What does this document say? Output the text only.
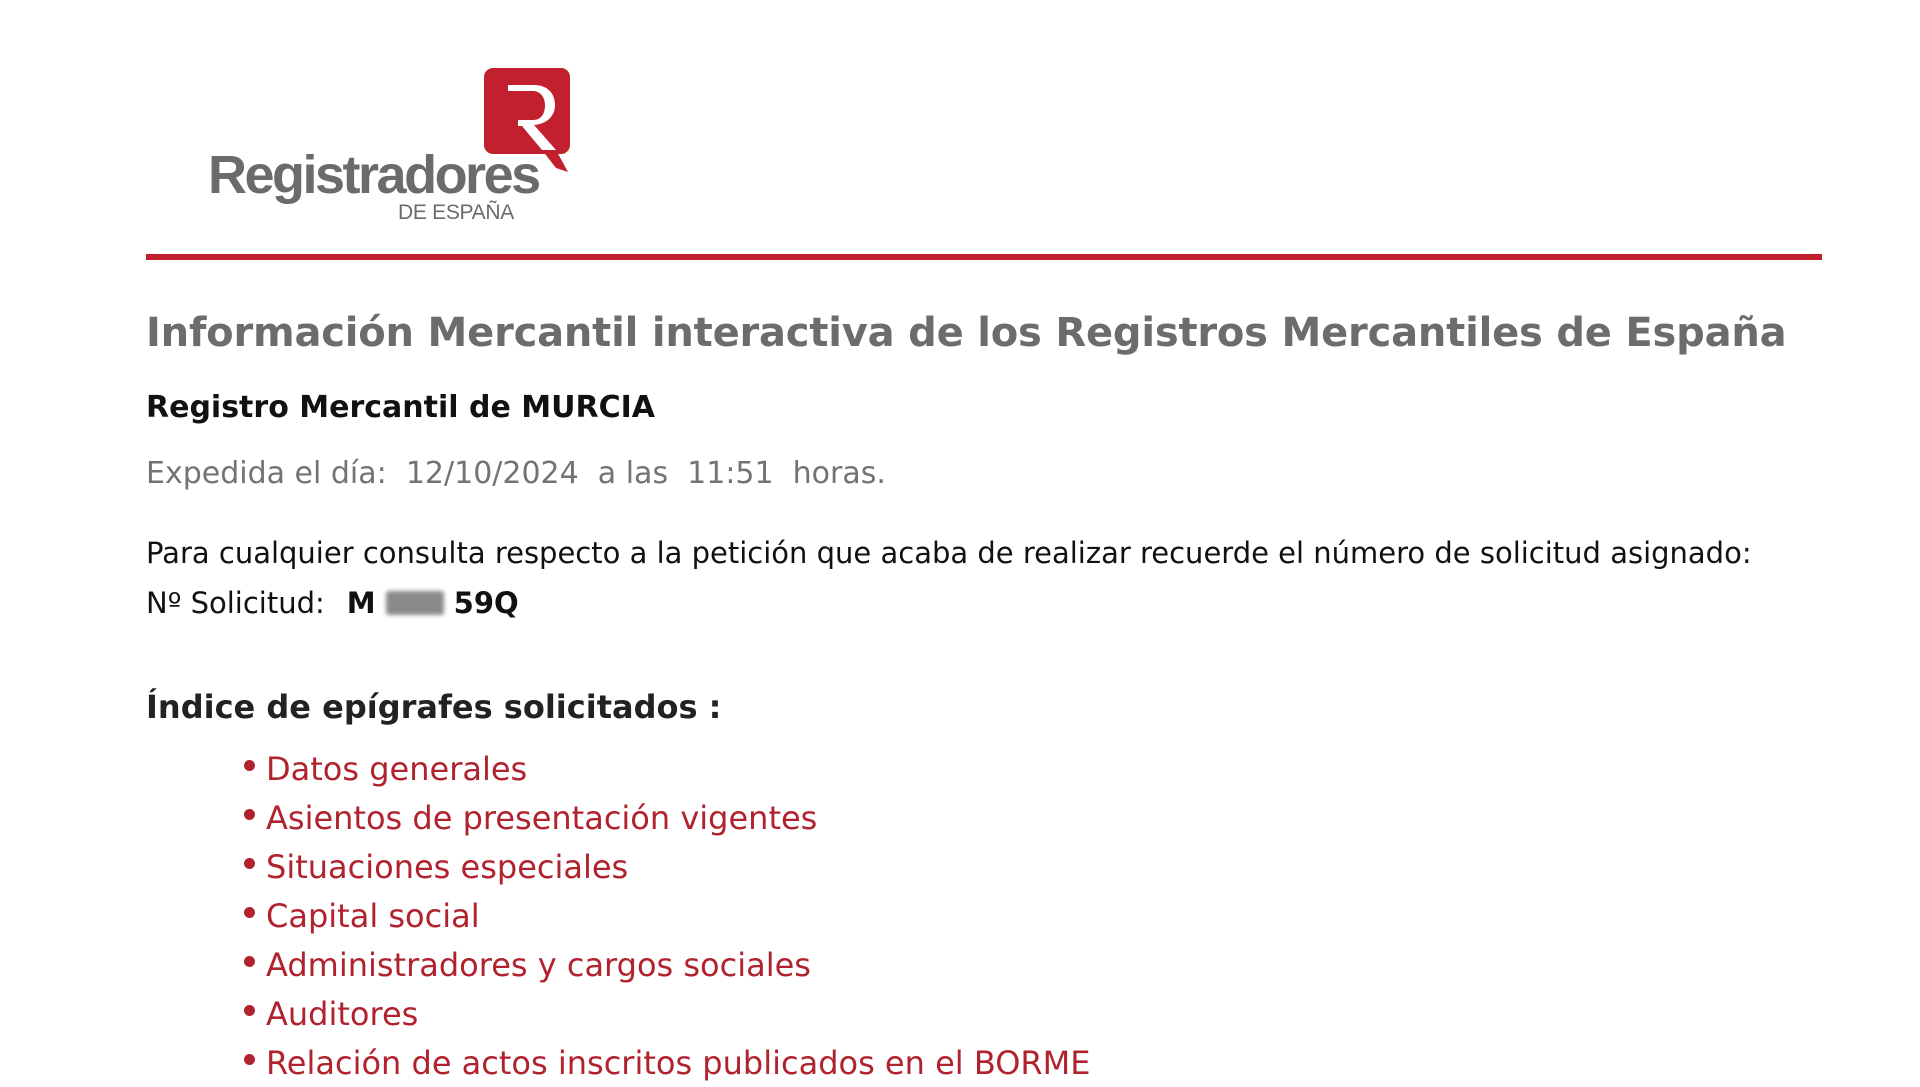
Registradores
DE ESPAÑA
Información Mercantil interactiva de los Registros Mercantiles de España
Registro Mercantil de MURCIA
Expedida el día:  12/10/2024  a las  11:51  horas.
Para cualquier consulta respecto a la petición que acaba de realizar recuerde el número de solicitud asignado:
Nº Solicitud: M	59Q
Índice de epígrafes solicitados :
Datos generales
Asientos de presentación vigentes
Situaciones especiales
Capital social
Administradores y cargos sociales
Auditores
Relación de actos inscritos publicados en el BORME
